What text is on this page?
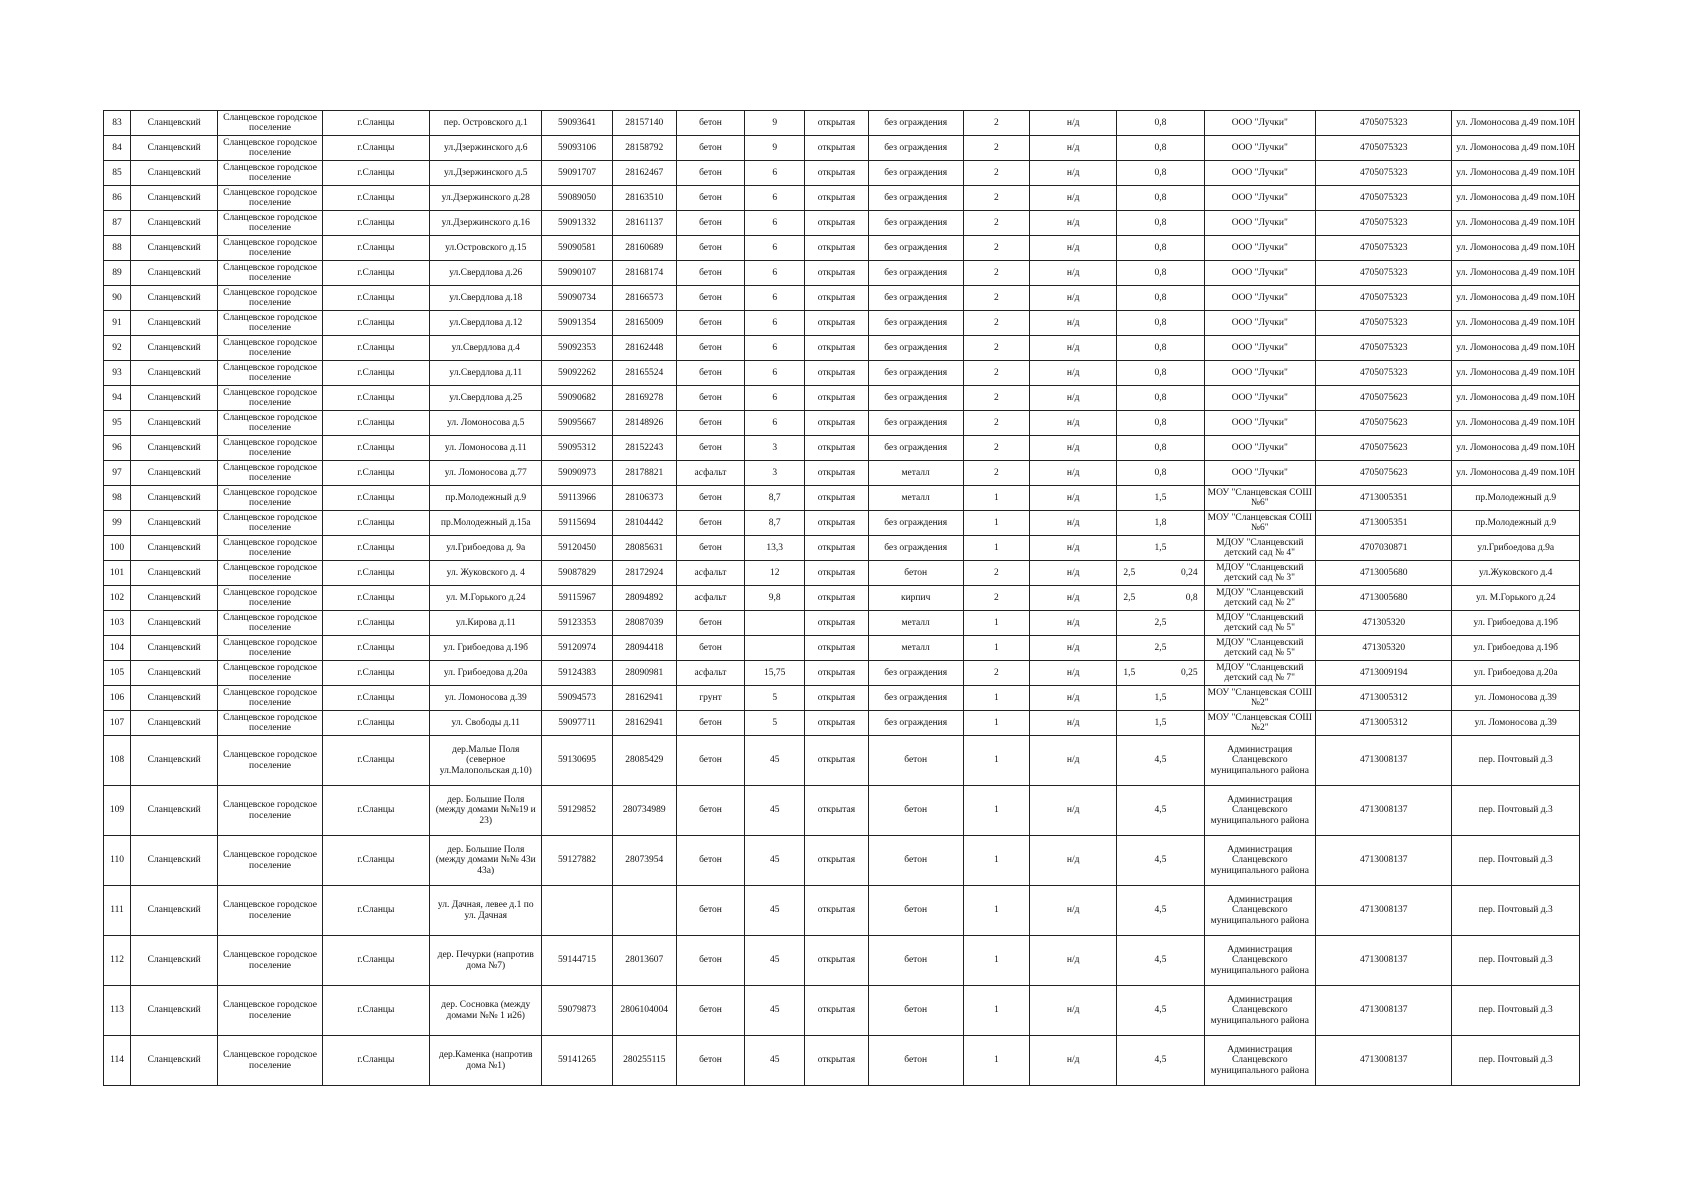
83	Сланцевский	Сланцевское городское поселение	г.Сланцы	пер. Островского д.1	59093641	28157140	бетон	9	открытая	без ограждения	2	н/д	0,8	ООО "Лучки"	4705075323	ул. Ломоносова д.49 пом.10Н
84	Сланцевский	Сланцевское городское поселение	г.Сланцы	ул.Дзержинского д.6	59093106	28158792	бетон	9	открытая	без ограждения	2	н/д	0,8	ООО "Лучки"	4705075323	ул. Ломоносова д.49 пом.10Н
85	Сланцевский	Сланцевское городское поселение	г.Сланцы	ул.Дзержинского д.5	59091707	28162467	бетон	6	открытая	без ограждения	2	н/д	0,8	ООО "Лучки"	4705075323	ул. Ломоносова д.49 пом.10Н
86	Сланцевский	Сланцевское городское поселение	г.Сланцы	ул.Дзержинского д.28	59089050	28163510	бетон	6	открытая	без ограждения	2	н/д	0,8	ООО "Лучки"	4705075323	ул. Ломоносова д.49 пом.10Н
87	Сланцевский	Сланцевское городское поселение	г.Сланцы	ул.Дзержинского д.16	59091332	28161137	бетон	6	открытая	без ограждения	2	н/д	0,8	ООО "Лучки"	4705075323	ул. Ломоносова д.49 пом.10Н
88	Сланцевский	Сланцевское городское поселение	г.Сланцы	ул.Островского д.15	59090581	28160689	бетон	6	открытая	без ограждения	2	н/д	0,8	ООО "Лучки"	4705075323	ул. Ломоносова д.49 пом.10Н
89	Сланцевский	Сланцевское городское поселение	г.Сланцы	ул.Свердлова д.26	59090107	28168174	бетон	6	открытая	без ограждения	2	н/д	0,8	ООО "Лучки"	4705075323	ул. Ломоносова д.49 пом.10Н
90	Сланцевский	Сланцевское городское поселение	г.Сланцы	ул.Свердлова д.18	59090734	28166573	бетон	6	открытая	без ограждения	2	н/д	0,8	ООО "Лучки"	4705075323	ул. Ломоносова д.49 пом.10Н
91	Сланцевский	Сланцевское городское поселение	г.Сланцы	ул.Свердлова д.12	59091354	28165009	бетон	6	открытая	без ограждения	2	н/д	0,8	ООО "Лучки"	4705075323	ул. Ломоносова д.49 пом.10Н
92	Сланцевский	Сланцевское городское поселение	г.Сланцы	ул.Свердлова д.4	59092353	28162448	бетон	6	открытая	без ограждения	2	н/д	0,8	ООО "Лучки"	4705075323	ул. Ломоносова д.49 пом.10Н
93	Сланцевский	Сланцевское городское поселение	г.Сланцы	ул.Свердлова д.11	59092262	28165524	бетон	6	открытая	без ограждения	2	н/д	0,8	ООО "Лучки"	4705075323	ул. Ломоносова д.49 пом.10Н
94	Сланцевский	Сланцевское городское поселение	г.Сланцы	ул.Свердлова д.25	59090682	28169278	бетон	6	открытая	без ограждения	2	н/д	0,8	ООО "Лучки"	4705075623	ул. Ломоносова д.49 пом.10Н
95	Сланцевский	Сланцевское городское поселение	г.Сланцы	ул. Ломоносова д.5	59095667	28148926	бетон	6	открытая	без ограждения	2	н/д	0,8	ООО "Лучки"	4705075623	ул. Ломоносова д.49 пом.10Н
96	Сланцевский	Сланцевское городское поселение	г.Сланцы	ул. Ломоносова д.11	59095312	28152243	бетон	3	открытая	без ограждения	2	н/д	0,8	ООО "Лучки"	4705075623	ул. Ломоносова д.49 пом.10Н
97	Сланцевский	Сланцевское городское поселение	г.Сланцы	ул. Ломоносова д.77	59090973	28178821	асфальт	3	открытая	металл	2	н/д	0,8	ООО "Лучки"	4705075623	ул. Ломоносова д.49 пом.10Н
98	Сланцевский	Сланцевское городское поселение	г.Сланцы	пр.Молодежный д.9	59113966	28106373	бетон	8,7	открытая	металл	1	н/д	1,5	МОУ "Сланцевская СОШ №6"	4713005351	пр.Молодежный д.9
99	Сланцевский	Сланцевское городское поселение	г.Сланцы	пр.Молодежный д.15а	59115694	28104442	бетон	8,7	открытая	без ограждения	1	н/д	1,8	МОУ "Сланцевская СОШ №6"	4713005351	пр.Молодежный д.9
100	Сланцевский	Сланцевское городское поселение	г.Сланцы	ул.Грибоедова д. 9а	59120450	28085631	бетон	13,3	открытая	без ограждения	1	н/д	1,5	МДОУ "Сланцевский детский сад № 4"	4707030871	ул.Грибоедова д.9а
101	Сланцевский	Сланцевское городское поселение	г.Сланцы	ул. Жуковского д. 4	59087829	28172924	асфальт	12	открытая	бетон	2	н/д	2,5 0,24	МДОУ "Сланцевский детский сад № 3"	4713005680	ул.Жуковского д.4
102	Сланцевский	Сланцевское городское поселение	г.Сланцы	ул. М.Горького д.24	59115967	28094892	асфальт	9,8	открытая	кирпич	2	н/д	2,5 0,8	МДОУ "Сланцевский детский сад № 2"	4713005680	ул. М.Горького д.24
103	Сланцевский	Сланцевское городское поселение	г.Сланцы	ул.Кирова д.11	59123353	28087039	бетон		открытая	металл	1	н/д	2,5	МДОУ "Сланцевский детский сад № 5"	471305320	ул. Грибоедова д.19б
104	Сланцевский	Сланцевское городское поселение	г.Сланцы	ул. Грибоедова д.19б	59120974	28094418	бетон		открытая	металл	1	н/д	2,5	МДОУ "Сланцевский детский сад № 5"	471305320	ул. Грибоедова д.19б
105	Сланцевский	Сланцевское городское поселение	г.Сланцы	ул. Грибоедова д.20а	59124383	28090981	асфальт	15,75	открытая	без ограждения	2	н/д	1,5 0,25	МДОУ "Сланцевский детский сад № 7"	4713009194	ул. Грибоедова д.20а
106	Сланцевский	Сланцевское городское поселение	г.Сланцы	ул. Ломоносова д.39	59094573	28162941	грунт	5	открытая	без ограждения	1	н/д	1,5	МОУ "Сланцевская СОШ №2"	4713005312	ул. Ломоносова д.39
107	Сланцевский	Сланцевское городское поселение	г.Сланцы	ул. Свободы д.11	59097711	28162941	бетон	5	открытая	без ограждения	1	н/д	1,5	МОУ "Сланцевская СОШ №2"	4713005312	ул. Ломоносова д.39
108	Сланцевский	Сланцевское городское поселение	г.Сланцы	дер.Малые Поля (северное ул.Малопольская д.10)	59130695	28085429	бетон	45	открытая	бетон	1	н/д	4,5	Администрация Сланцевского муниципального района	4713008137	пер. Почтовый д.3
109	Сланцевский	Сланцевское городское поселение	г.Сланцы	дер. Большие Поля (между домами №№19 и 23)	59129852	280734989	бетон	45	открытая	бетон	1	н/д	4,5	Администрация Сланцевского муниципального района	4713008137	пер. Почтовый д.3
110	Сланцевский	Сланцевское городское поселение	г.Сланцы	дер. Большие Поля (между домами №№ 43и 43а)	59127882	28073954	бетон	45	открытая	бетон	1	н/д	4,5	Администрация Сланцевского муниципального района	4713008137	пер. Почтовый д.3
111	Сланцевский	Сланцевское городское поселение	г.Сланцы	ул. Дачная, левее д.1 по ул. Дачная			бетон	45	открытая	бетон	1	н/д	4,5	Администрация Сланцевского муниципального района	4713008137	пер. Почтовый д.3
112	Сланцевский	Сланцевское городское поселение	г.Сланцы	дер. Печурки (напротив дома №7)	59144715	28013607	бетон	45	открытая	бетон	1	н/д	4,5	Администрация Сланцевского муниципального района	4713008137	пер. Почтовый д.3
113	Сланцевский	Сланцевское городское поселение	г.Сланцы	дер. Сосновка (между домами №№ 1 и26)	59079873	2806104004	бетон	45	открытая	бетон	1	н/д	4,5	Администрация Сланцевского муниципального района	4713008137	пер. Почтовый д.3
114	Сланцевский	Сланцевское городское поселение	г.Сланцы	дер.Каменка (напротив дома №1)	59141265	280255115	бетон	45	открытая	бетон	1	н/д	4,5	Администрация Сланцевского муниципального района	4713008137	пер. Почтовый д.3
